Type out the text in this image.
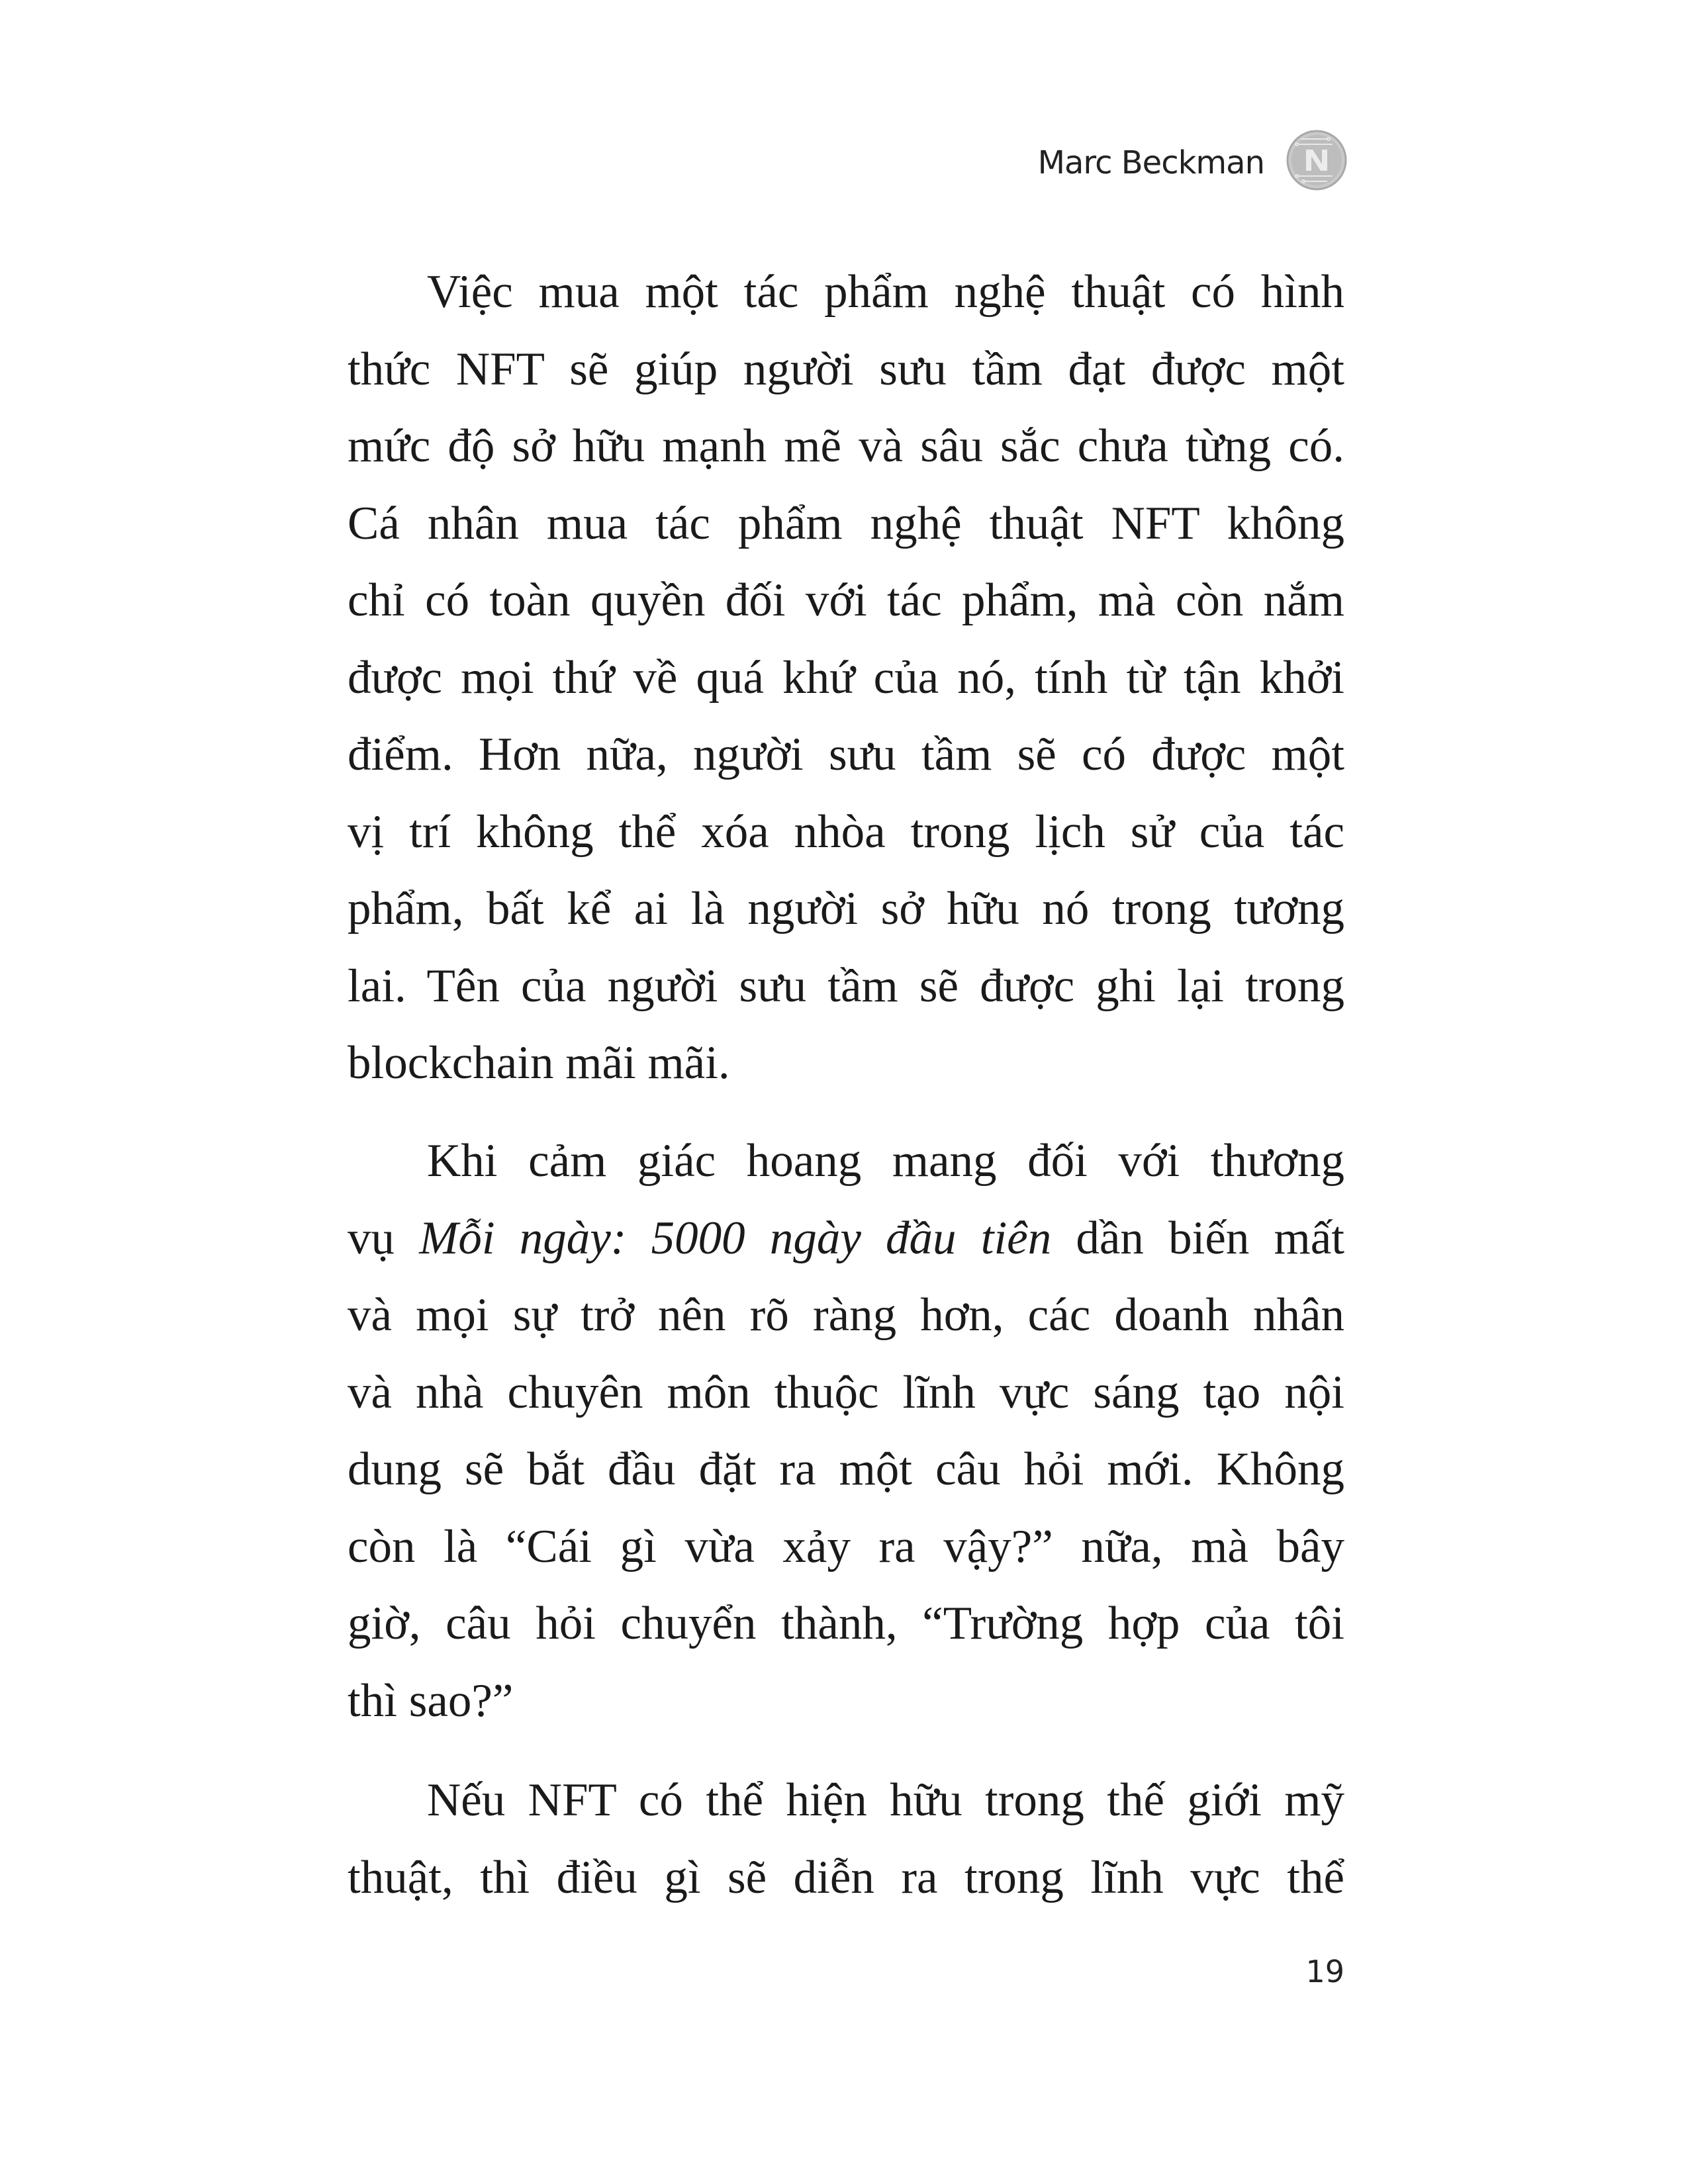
Marc Beckman
Việc mua một tác phẩm nghệ thuật có hình
thức NFT sẽ giúp người sưu tầm đạt được một
mức độ sở hữu mạnh mẽ và sâu sắc chưa từng có.
Cá nhân mua tác phẩm nghệ thuật NFT không
chỉ có toàn quyền đối với tác phẩm, mà còn nắm
được mọi thứ về quá khứ của nó, tính từ tận khởi
điểm. Hơn nữa, người sưu tầm sẽ có được một
vị trí không thể xóa nhòa trong lịch sử của tác
phẩm, bất kể ai là người sở hữu nó trong tương
lai. Tên của người sưu tầm sẽ được ghi lại trong
blockchain mãi mãi.
Khi cảm giác hoang mang đối với thương
vụ Mỗi ngày: 5000 ngày đầu tiên dần biến mất
và mọi sự trở nên rõ ràng hơn, các doanh nhân
và nhà chuyên môn thuộc lĩnh vực sáng tạo nội
dung sẽ bắt đầu đặt ra một câu hỏi mới. Không
còn là “Cái gì vừa xảy ra vậy?” nữa, mà bây
giờ, câu hỏi chuyển thành, “Trường hợp của tôi
thì sao?”
Nếu NFT có thể hiện hữu trong thế giới mỹ
thuật, thì điều gì sẽ diễn ra trong lĩnh vực thể
19
